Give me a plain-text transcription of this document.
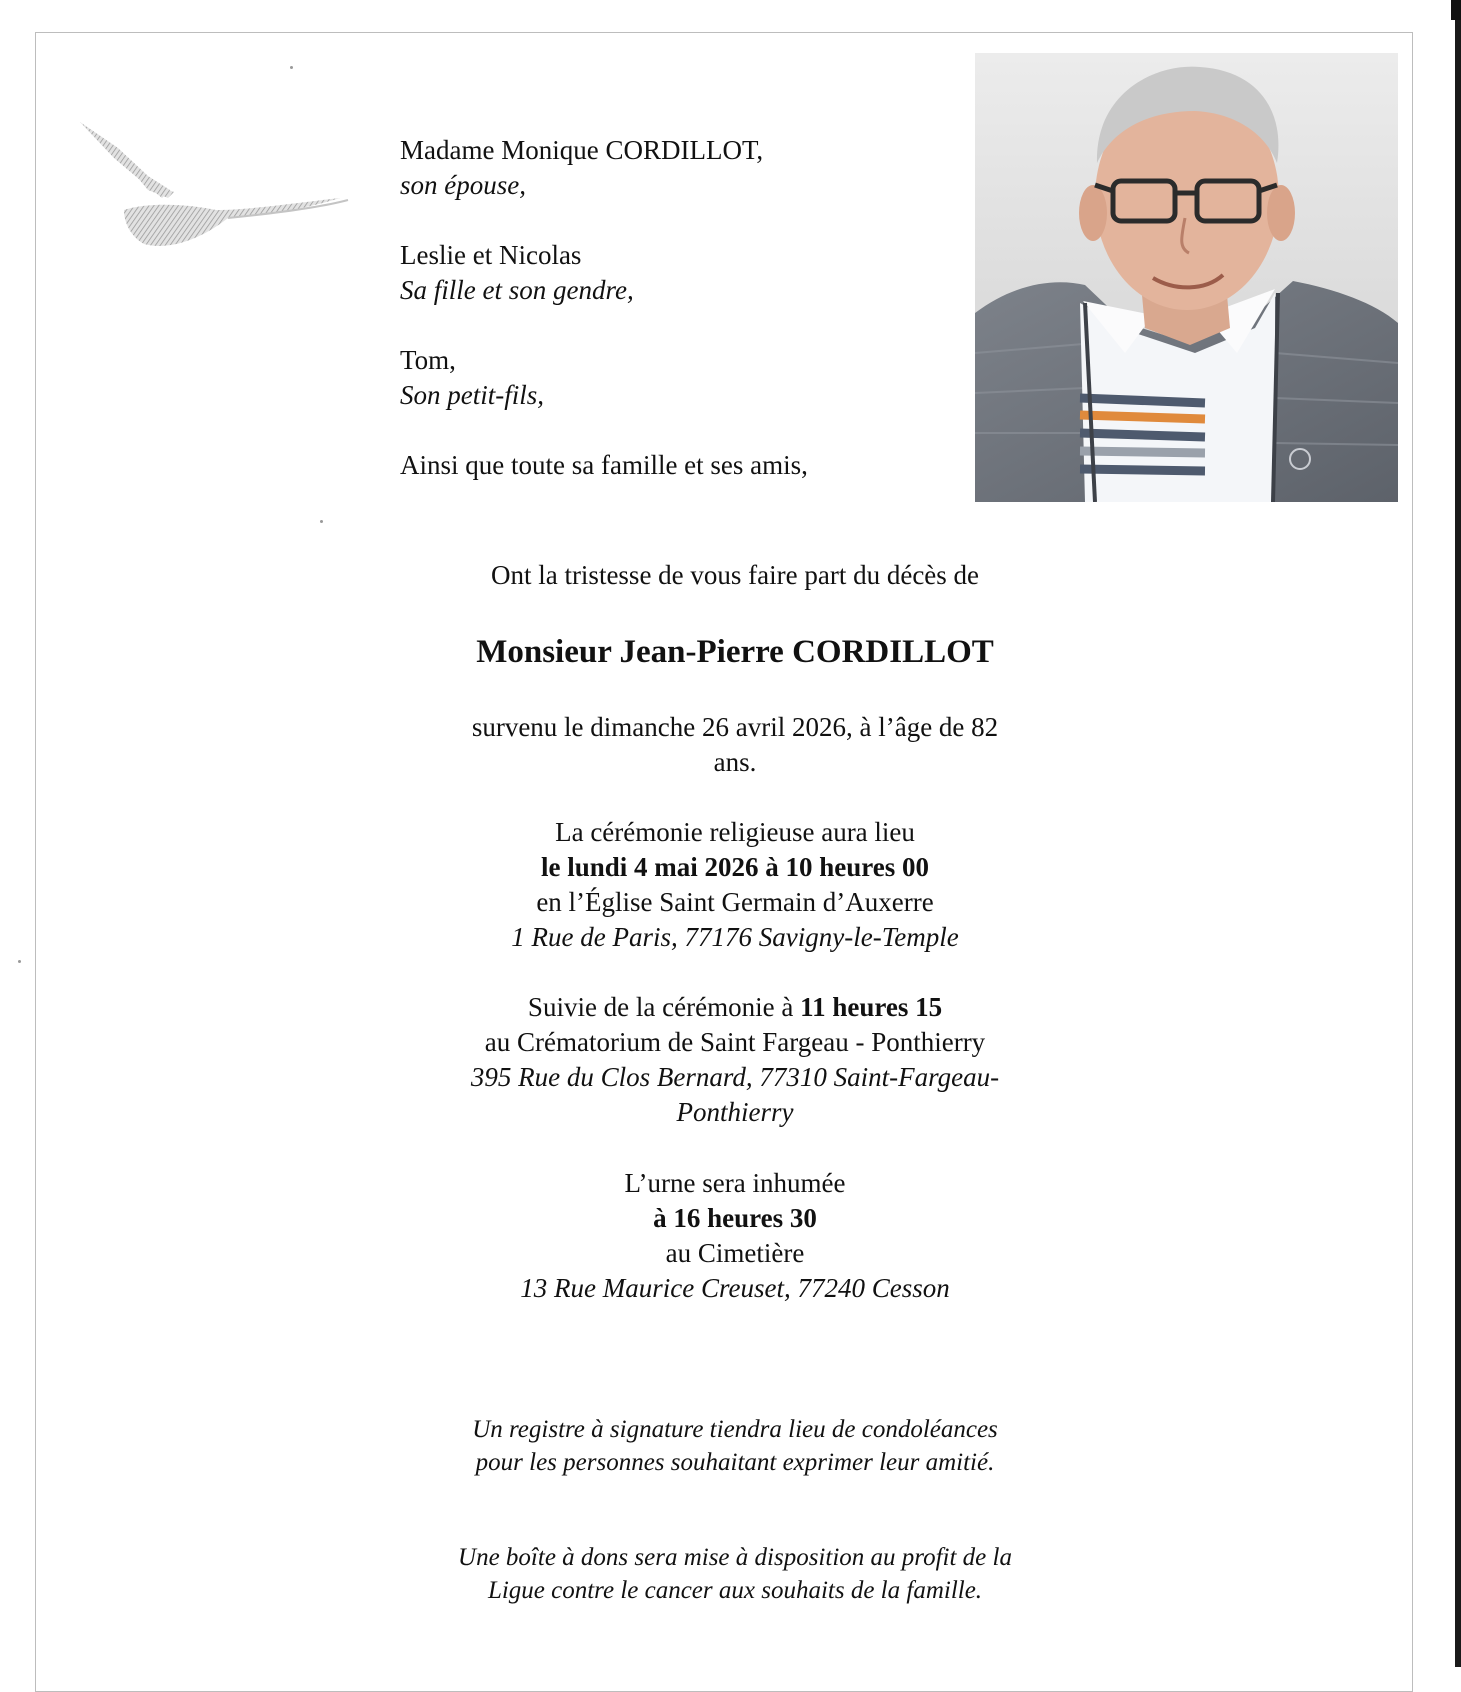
Madame Monique CORDILLOT,
son épouse,
Leslie et Nicolas
Sa fille et son gendre,
Tom,
Son petit-fils,
Ainsi que toute sa famille et ses amis,
Ont la tristesse de vous faire part du décès de
Monsieur Jean-Pierre CORDILLOT
survenu le dimanche 26 avril 2026, à l’âge de 82
ans.
La cérémonie religieuse aura lieu
le lundi 4 mai 2026 à 10 heures 00
en l’Église Saint Germain d’Auxerre
1 Rue de Paris, 77176 Savigny-le-Temple
Suivie de la cérémonie à 11 heures 15
au Crématorium de Saint Fargeau - Ponthierry
395 Rue du Clos Bernard, 77310 Saint-Fargeau-
Ponthierry
L’urne sera inhumée
à 16 heures 30
au Cimetière
13 Rue Maurice Creuset, 77240 Cesson
Un registre à signature tiendra lieu de condoléances
pour les personnes souhaitant exprimer leur amitié.
Une boîte à dons sera mise à disposition au profit de la
Ligue contre le cancer aux souhaits de la famille.
